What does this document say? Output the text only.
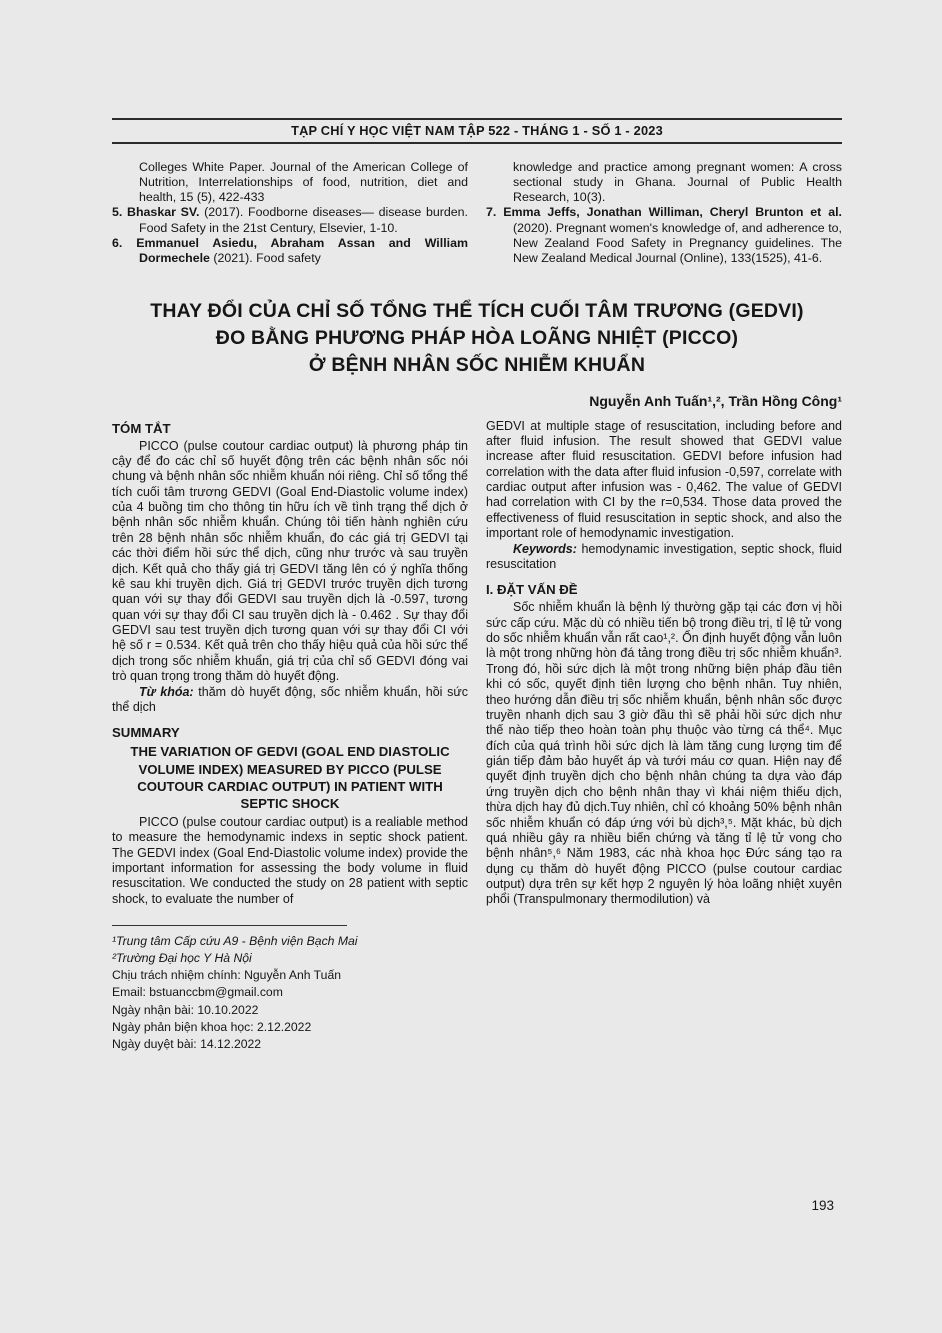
TẠP CHÍ Y HỌC VIỆT NAM TẬP 522 - THÁNG 1 - SỐ 1 - 2023

Colleges White Paper. Journal of the American College of Nutrition, Interrelationships of food, nutrition, diet and health, 15 (5), 422-433

5. Bhaskar SV. (2017). Foodborne diseases— disease burden. Food Safety in the 21st Century, Elsevier, 1-10.

6. Emmanuel Asiedu, Abraham Assan and William Dormechele (2021). Food safety

knowledge and practice among pregnant women: A cross sectional study in Ghana. Journal of Public Health Research, 10(3).

7. Emma Jeffs, Jonathan Williman, Cheryl Brunton et al. (2020). Pregnant women's knowledge of, and adherence to, New Zealand Food Safety in Pregnancy guidelines. The New Zealand Medical Journal (Online), 133(1525), 41-6.

THAY ĐỔI CỦA CHỈ SỐ TỔNG THỂ TÍCH CUỐI TÂM TRƯƠNG (GEDVI)
ĐO BẰNG PHƯƠNG PHÁP HÒA LOÃNG NHIỆT (PICCO)
Ở BỆNH NHÂN SỐC NHIỄM KHUẨN
Nguyễn Anh Tuấn¹,², Trần Hồng Công¹
TÓM TẮT

PICCO (pulse coutour cardiac output) là phương pháp tin cậy để đo các chỉ số huyết động trên các bệnh nhân sốc nói chung và bệnh nhân sốc nhiễm khuẩn nói riêng. Chỉ số tổng thể tích cuối tâm trương GEDVI (Goal End-Diastolic volume index) của 4 buồng tim cho thông tin hữu ích về tình trạng thể dịch ở bệnh nhân sốc nhiễm khuẩn. Chúng tôi tiến hành nghiên cứu trên 28 bệnh nhân sốc nhiễm khuẩn, đo các giá trị GEDVI tại các thời điểm hồi sức thể dịch, cũng như trước và sau truyền dịch. Kết quả cho thấy giá trị GEDVI tăng lên có ý nghĩa thống kê sau khi truyền dịch. Giá trị GEDVI trước truyền dịch tương quan với sự thay đổi GEDVI sau truyền dịch là -0.597, tương quan với sự thay đổi CI sau truyền dịch là - 0.462 . Sự thay đổi GEDVI sau test truyền dịch tương quan với sự thay đổi CI với hệ số r = 0.534. Kết quả trên cho thấy hiệu quả của hồi sức thể dịch trong sốc nhiễm khuẩn, giá trị của chỉ số GEDVI đóng vai trò quan trọng trong thăm dò huyết động.

Từ khóa: thăm dò huyết động, sốc nhiễm khuẩn, hồi sức thể dịch

SUMMARY
THE VARIATION OF GEDVI (GOAL END DIASTOLIC VOLUME INDEX) MEASURED BY PICCO (PULSE COUTOUR CARDIAC OUTPUT) IN PATIENT WITH SEPTIC SHOCK

PICCO (pulse coutour cardiac output) is a realiable method to measure the hemodynamic indexs in septic shock patient. The GEDVI index (Goal End-Diastolic volume index) provide the important information for assessing the body volume in fluid resuscitation. We conducted the study on 28 patient with septic shock, to evaluate the number of

¹Trung tâm Cấp cứu A9 - Bệnh viện Bạch Mai

²Trường Đại học Y Hà Nội

Chịu trách nhiệm chính: Nguyễn Anh Tuấn

Email: bstuanccbm@gmail.com

Ngày nhận bài: 10.10.2022

Ngày phản biện khoa học: 2.12.2022

Ngày duyệt bài: 14.12.2022

GEDVI at multiple stage of resuscitation, including before and after fluid infusion. The result showed that GEDVI value increase after fluid resuscitation. GEDVI before infusion had correlation with the data after fluid infusion -0,597, correlate with cardiac output after infusion was - 0,462. The value of GEDVI had correlation with CI by the r=0,534. Those data proved the effectiveness of fluid resuscitation in septic shock, and also the important role of hemodynamic investigation.

Keywords: hemodynamic investigation, septic shock, fluid resuscitation

I. ĐẶT VẤN ĐỀ

Sốc nhiễm khuẩn là bệnh lý thường gặp tại các đơn vị hồi sức cấp cứu. Mặc dù có nhiều tiến bộ trong điều trị, tỉ lệ tử vong do sốc nhiễm khuẩn vẫn rất cao¹,². Ổn định huyết động vẫn luôn là một trong những hòn đá tảng trong điều trị sốc nhiễm khuẩn³. Trong đó, hồi sức dịch là một trong những biện pháp đầu tiên khi có sốc, quyết định tiên lượng cho bệnh nhân. Tuy nhiên, theo hướng dẫn điều trị sốc nhiễm khuẩn, bệnh nhân sốc được truyền nhanh dịch sau 3 giờ đầu thì sẽ phải hồi sức dịch như thế nào tiếp theo hoàn toàn phụ thuộc vào từng cá thể⁴. Mục đích của quá trình hồi sức dịch là làm tăng cung lượng tim để gián tiếp đảm bảo huyết áp và tưới máu cơ quan. Hiện nay để quyết định truyền dịch cho bệnh nhân chúng ta dựa vào đáp ứng truyền dịch cho bệnh nhân thay vì khái niệm thiếu dịch, thừa dịch hay đủ dịch.Tuy nhiên, chỉ có khoảng 50% bệnh nhân sốc nhiễm khuẩn có đáp ứng với bù dịch³,⁵. Mặt khác, bù dịch quá nhiều gây ra nhiều biến chứng và tăng tỉ lệ tử vong cho bệnh nhân⁵,⁶ Năm 1983, các nhà khoa học Đức sáng tạo ra dụng cụ thăm dò huyết động PICCO (pulse coutour cardiac output) dựa trên sự kết hợp 2 nguyên lý hòa loãng nhiệt xuyên phổi (Transpulmonary thermodilution) và

193
